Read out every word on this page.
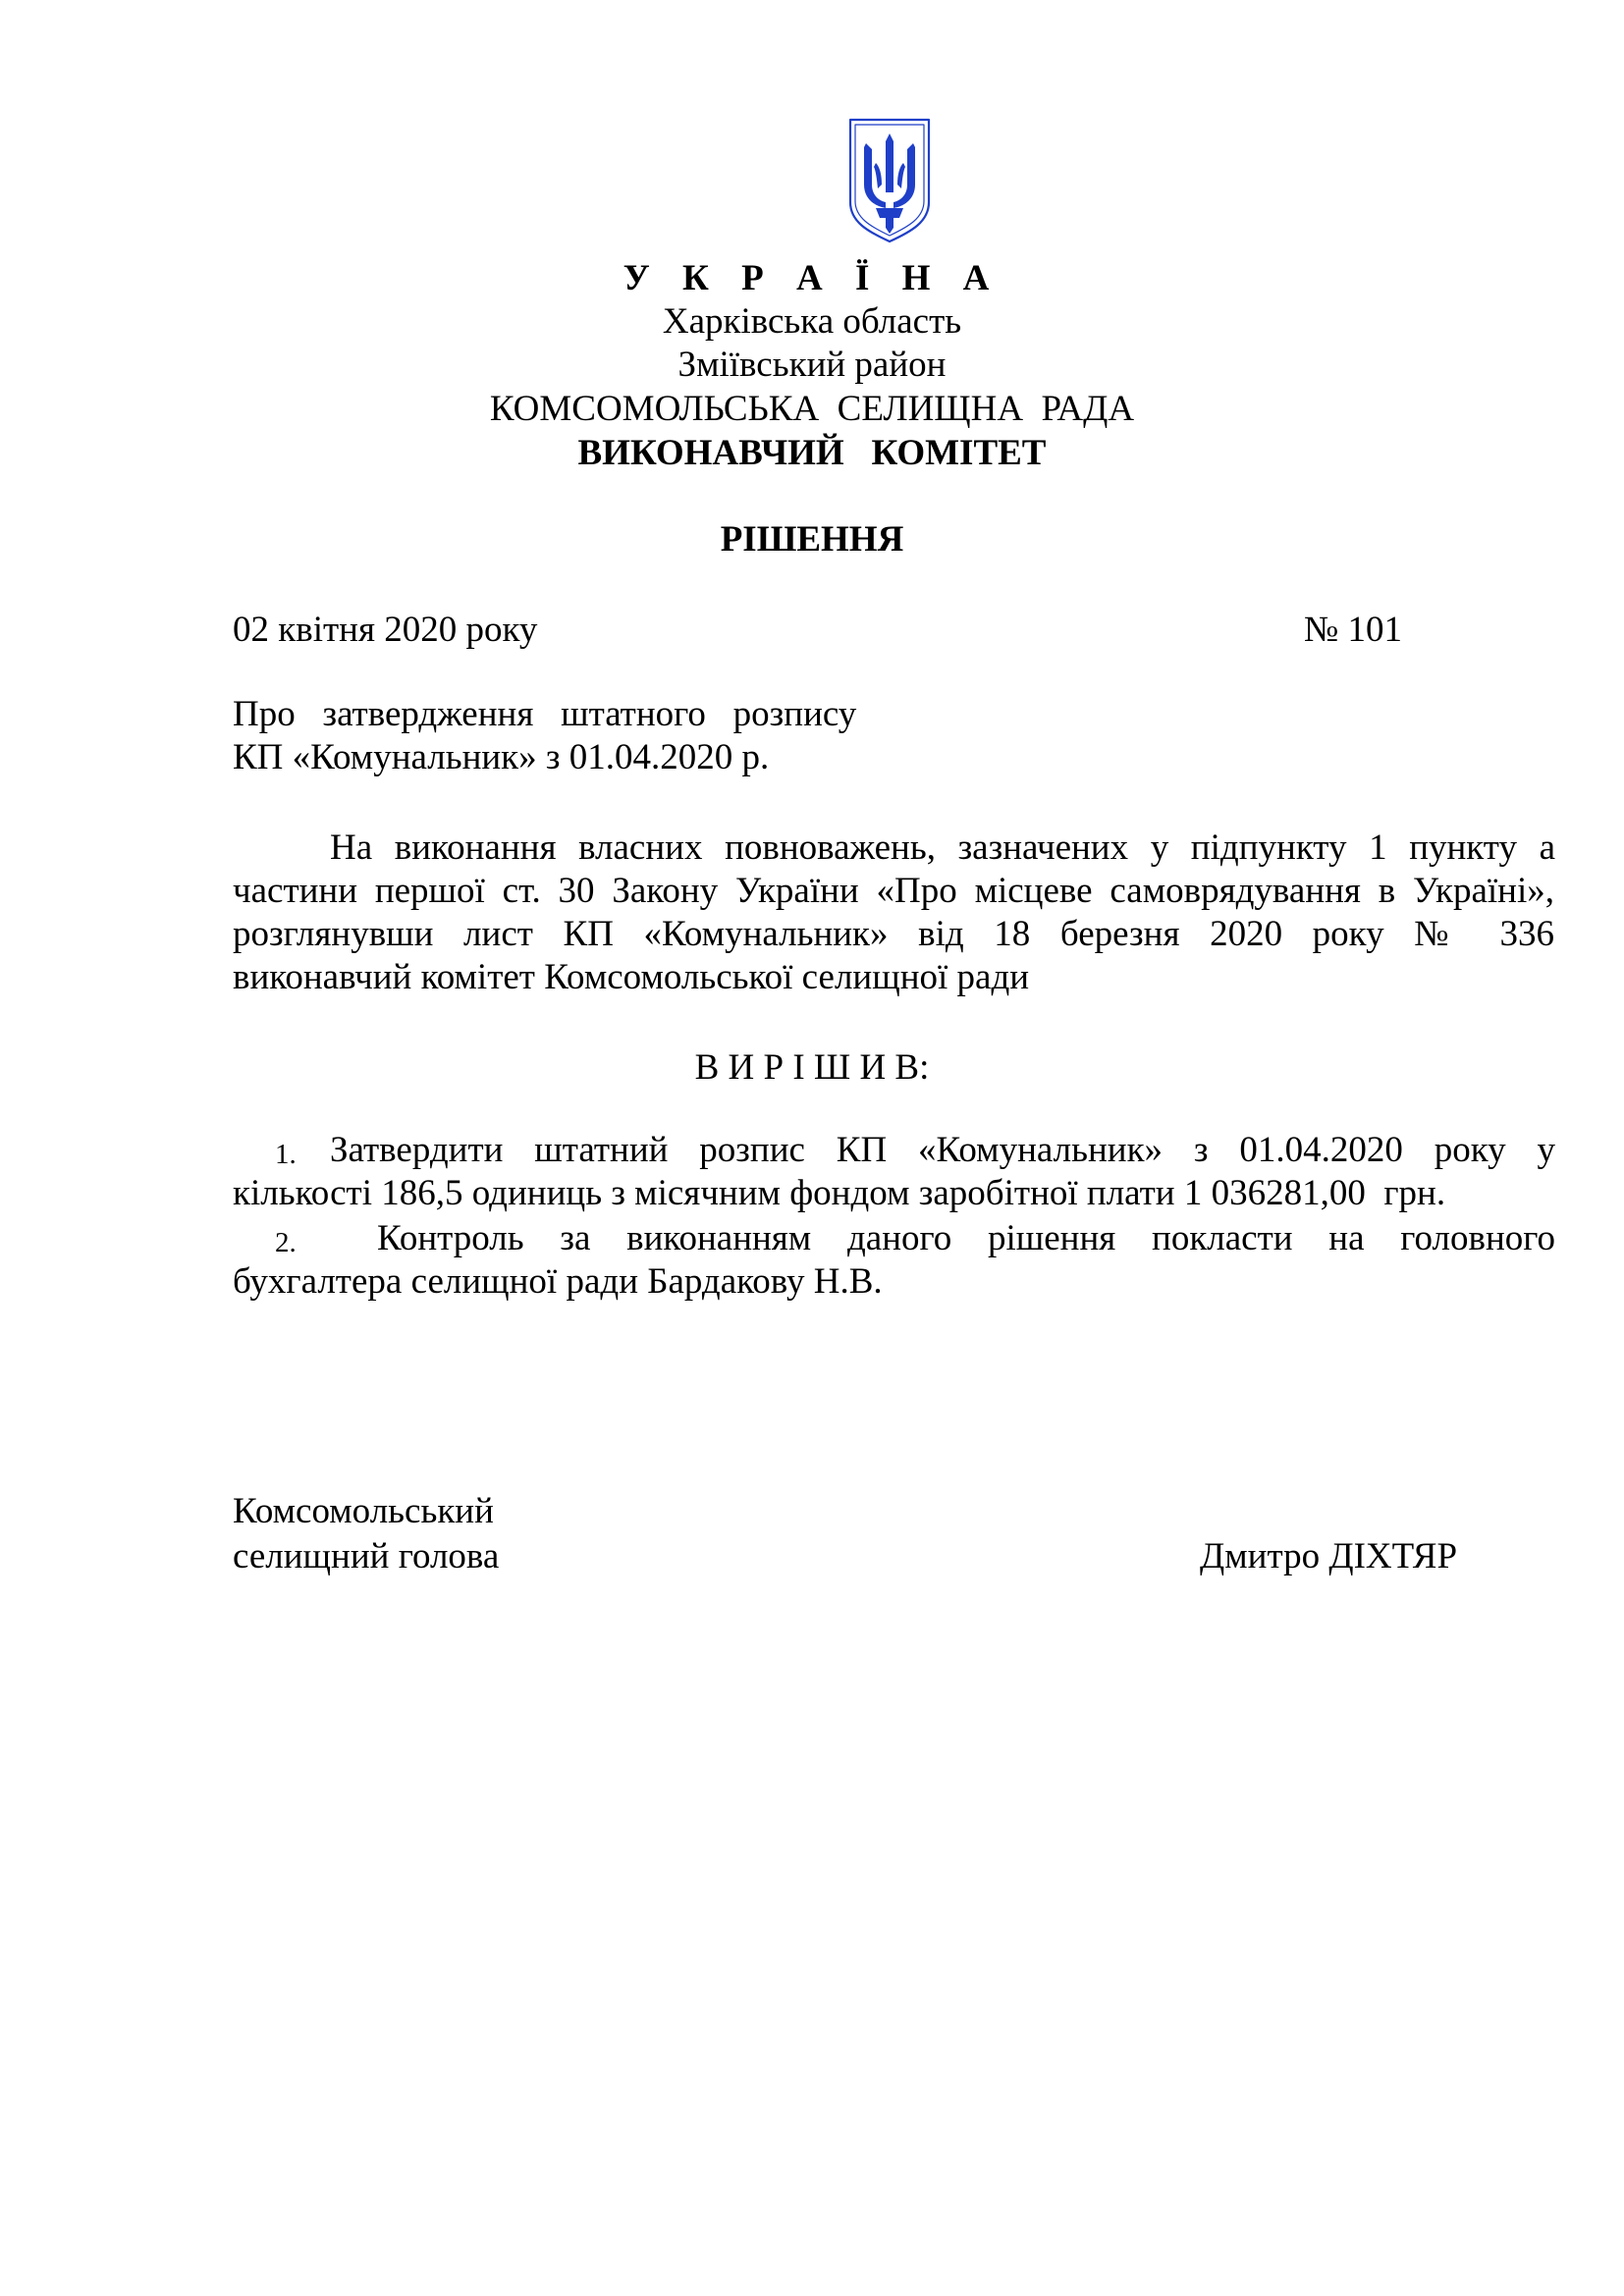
У К Р А Ї Н А
Харківська область
Зміївський район
КОМСОМОЛЬСЬКА  СЕЛИЩНА  РАДА
ВИКОНАВЧИЙ   КОМІТЕТ
РІШЕННЯ
02 квітня 2020 року	№ 101
Про   затвердження   штатного   розпису
КП «Комунальник» з 01.04.2020 р.
На виконання власних повноважень, зазначених у підпункту 1 пункту а
частини першої ст. 30 Закону України «Про місцеве самоврядування в Україні»,
розглянувши лист КП «Комунальник» від 18 березня 2020 року № 336
виконавчий комітет Комсомольської селищної ради
В И Р І Ш И В:
1. Затвердити штатний розпис КП «Комунальник» з 01.04.2020 року у
кількості 186,5 одиниць з місячним фондом заробітної плати 1 036281,00  грн.
2. Контроль за виконанням даного рішення покласти на головного
бухгалтера селищної ради Бардакову Н.В.
Комсомольський
селищний голова	Дмитро ДІХТЯР
